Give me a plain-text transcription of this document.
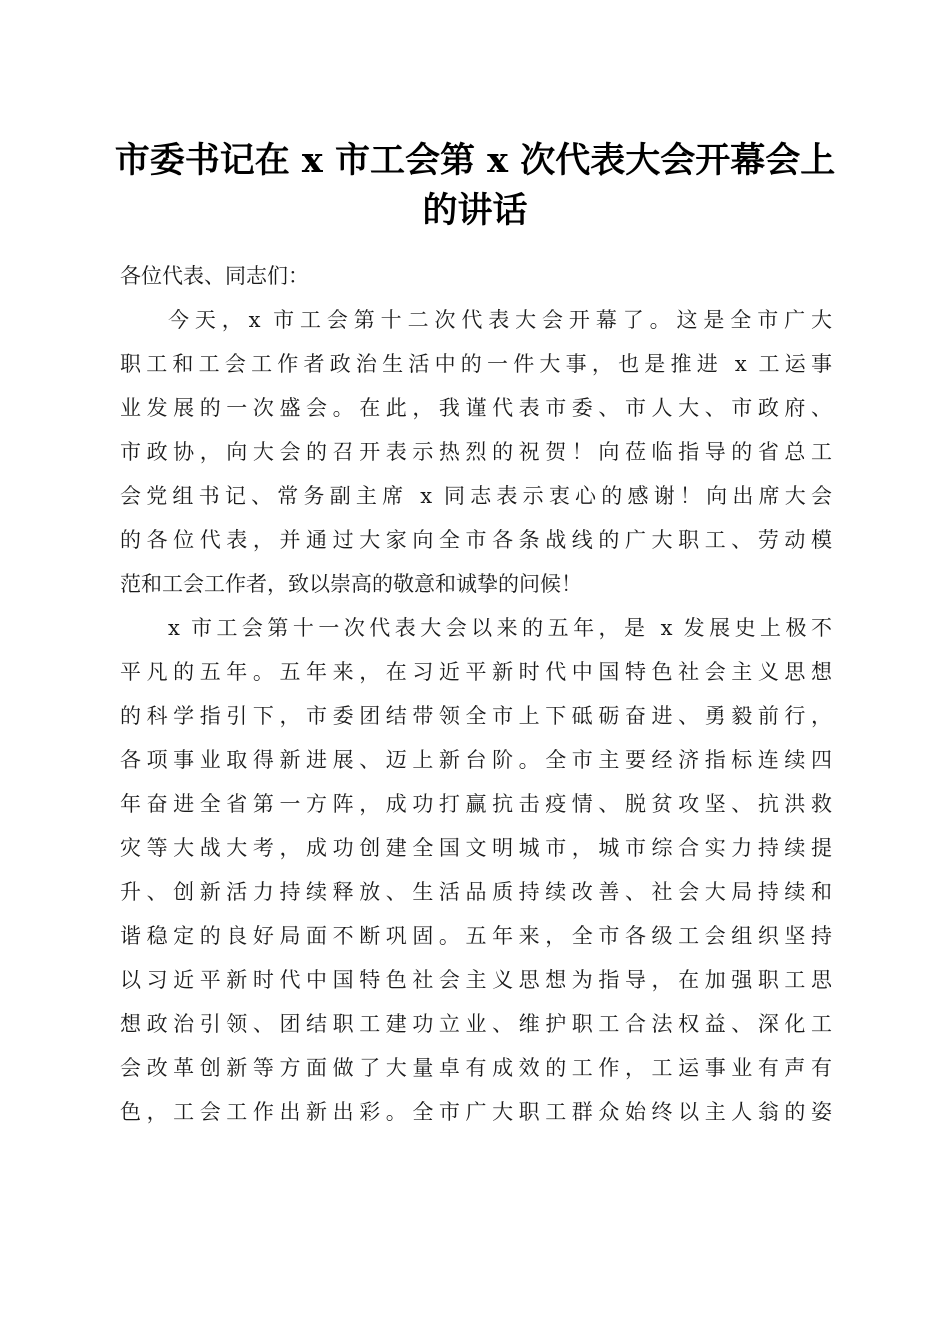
市委书记在 x 市工会第 x 次代表大会开幕会上
的讲话
各位代表、同志们：
今天，x 市工会第十二次代表大会开幕了。这是全市广大
职工和工会工作者政治生活中的一件大事，也是推进 x 工运事
业发展的一次盛会。在此，我谨代表市委、市人大、市政府、
市政协，向大会的召开表示热烈的祝贺！向莅临指导的省总工
会党组书记、常务副主席 x 同志表示衷心的感谢！向出席大会
的各位代表，并通过大家向全市各条战线的广大职工、劳动模
范和工会工作者，致以崇高的敬意和诚挚的问候！
x 市工会第十一次代表大会以来的五年，是 x 发展史上极不
平凡的五年。五年来，在习近平新时代中国特色社会主义思想
的科学指引下，市委团结带领全市上下砥砺奋进、勇毅前行，
各项事业取得新进展、迈上新台阶。全市主要经济指标连续四
年奋进全省第一方阵，成功打赢抗击疫情、脱贫攻坚、抗洪救
灾等大战大考，成功创建全国文明城市，城市综合实力持续提
升、创新活力持续释放、生活品质持续改善、社会大局持续和
谐稳定的良好局面不断巩固。五年来，全市各级工会组织坚持
以习近平新时代中国特色社会主义思想为指导，在加强职工思
想政治引领、团结职工建功立业、维护职工合法权益、深化工
会改革创新等方面做了大量卓有成效的工作，工运事业有声有
色，工会工作出新出彩。全市广大职工群众始终以主人翁的姿
